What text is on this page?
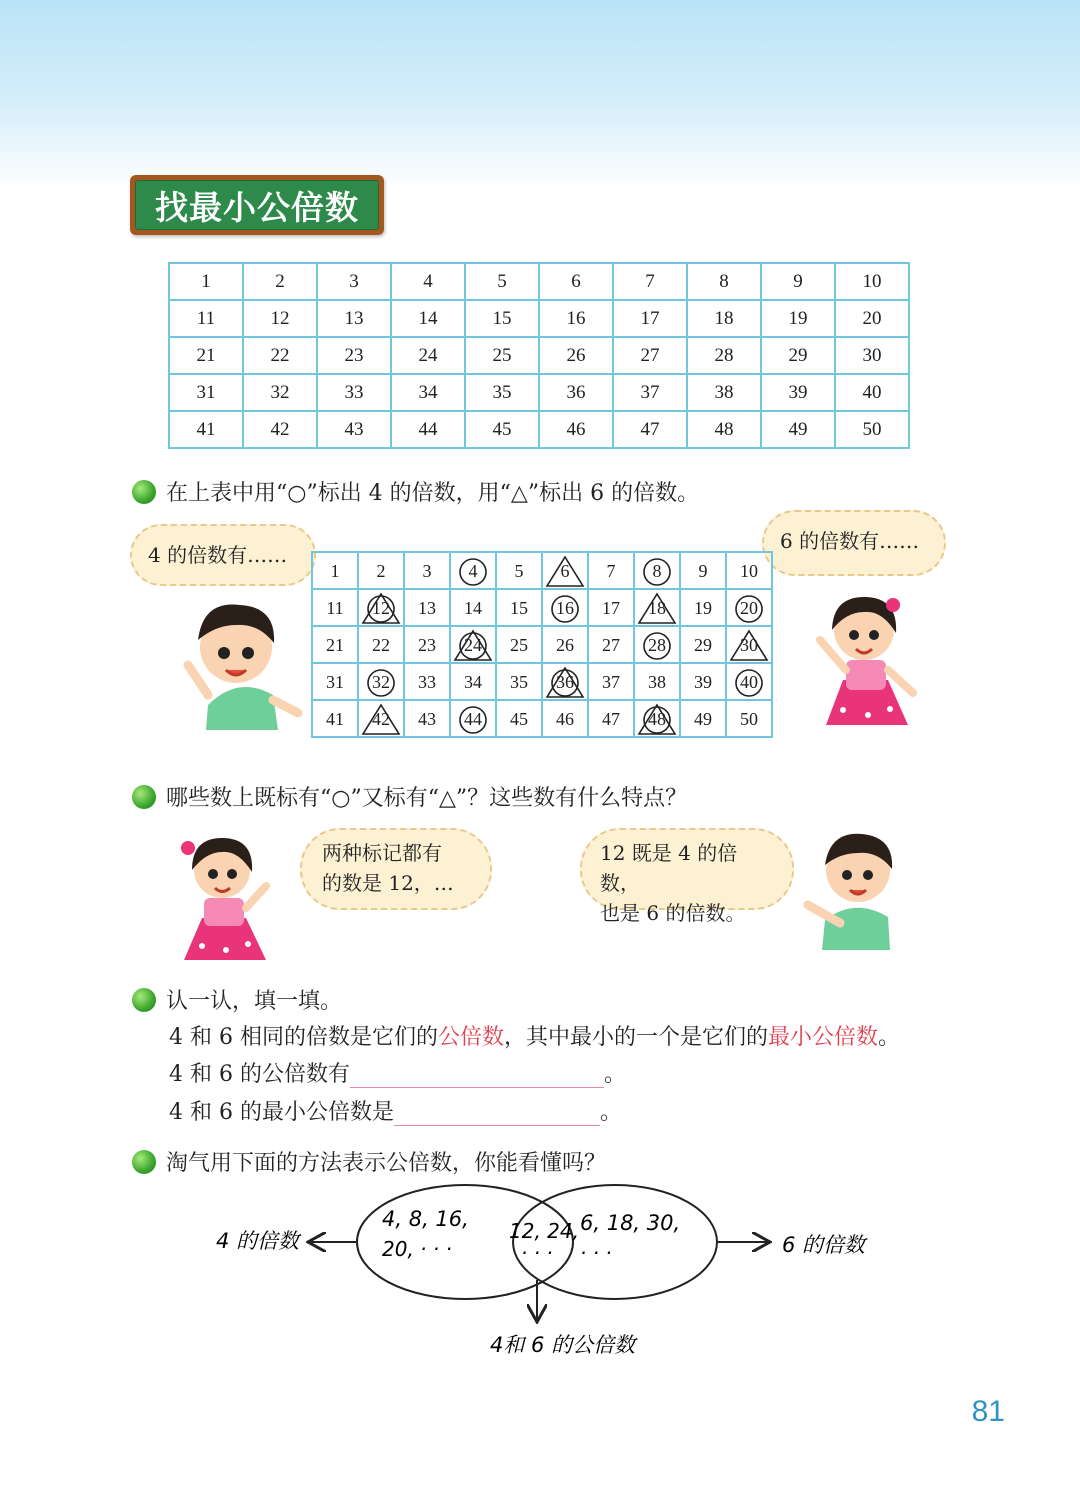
找最小公倍数
1	2	3	4	5	6	7	8	9	10
11	12	13	14	15	16	17	18	19	20
21	22	23	24	25	26	27	28	29	30
31	32	33	34	35	36	37	38	39	40
41	42	43	44	45	46	47	48	49	50
在上表中用“○”标出 4 的倍数，用“△”标出 6 的倍数。
4 的倍数有……
6 的倍数有……
1	2	3	4	5	6	7	8	9	10
11	12	13	14	15	16	17	18	19	20
21	22	23	24	25	26	27	28	29	30
31	32	33	34	35	36	37	38	39	40
41	42	43	44	45	46	47	48	49	50
哪些数上既标有“○”又标有“△”？这些数有什么特点？
两种标记都有
的数是 12，…
12 既是 4 的倍数，
也是 6 的倍数。
认一认，填一填。
4 和 6 相同的倍数是它们的公倍数，其中最小的一个是它们的最小公倍数。
4 和 6 的公倍数有	。
4 和 6 的最小公倍数是	。
淘气用下面的方法表示公倍数，你能看懂吗？
4 的倍数	6 的倍数
4和 6 的公倍数
4, 8, 16,
20, · · ·
12, 24,
· · ·
6, 18, 30,
· · ·
81
